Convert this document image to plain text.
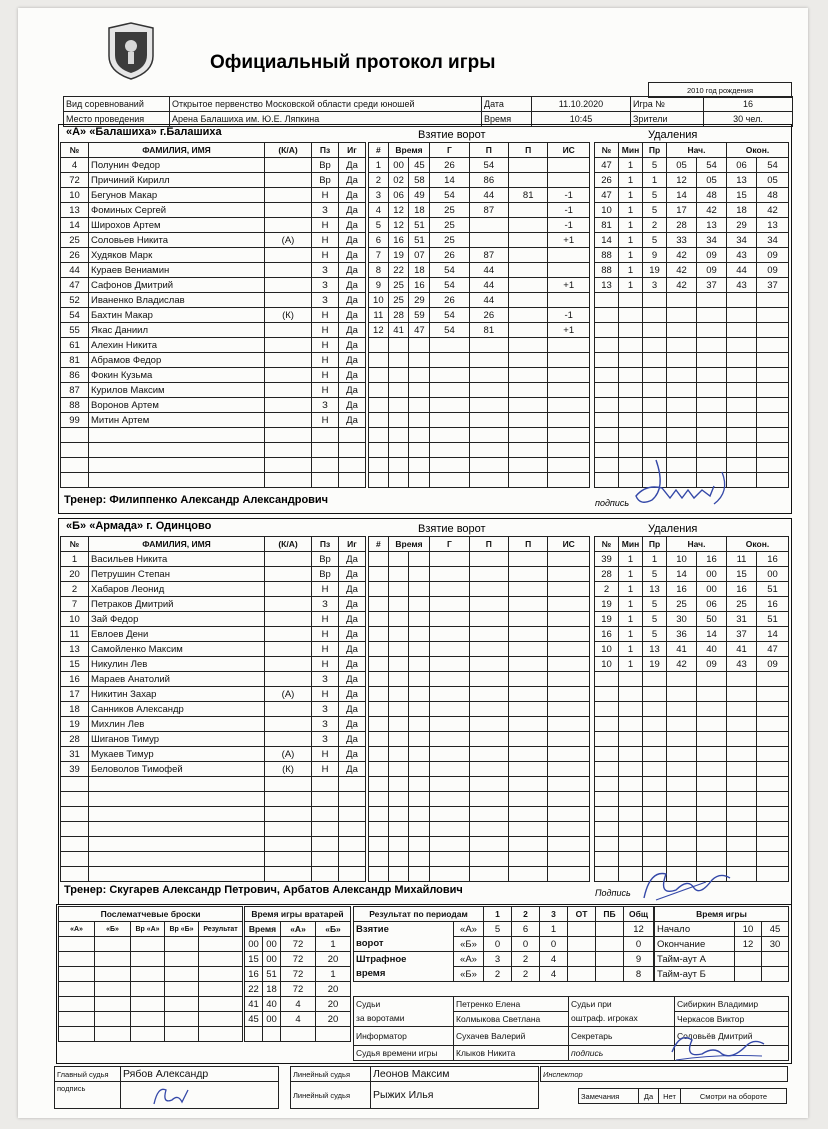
Официальный протокол игры
2010 год рождения
Вид соревнований	Открытое первенство Московской области среди юношей	Дата	11.10.2020	Игра №	16
Место проведения	Арена Балашиха им. Ю.Е. Ляпкина	Время	10:45	Зрители	30 чел.
«А» «Балашиха» г.Балашиха	Взятие ворот	Удаления
№	ФАМИЛИЯ, ИМЯ	(К/А)	Пз	Иг
4	Полунин Федор		Вр	Да
72	Причиний Кирилл		Вр	Да
10	Бегунов Макар		Н	Да
13	Фоминых Сергей		З	Да
14	Широхов Артем		Н	Да
25	Соловьев Никита	(А)	Н	Да
26	Худяков Марк		Н	Да
44	Кураев Вениамин		З	Да
47	Сафонов Дмитрий		З	Да
52	Иваненко Владислав		З	Да
54	Бахтин Макар	(К)	Н	Да
55	Якас Даниил		Н	Да
61	Алехин Никита		Н	Да
81	Абрамов Федор		Н	Да
86	Фокин Кузьма		Н	Да
87	Курилов Максим		Н	Да
88	Воронов Артем		З	Да
99	Митин Артем		Н	Да

#	Время		Г	П	П	ИС
1	00	45	26	54		
2	02	58	14	86		
3	06	49	54	44	81	-1
4	12	18	25	87		-1
5	12	51	25			-1
6	16	51	25			+1
7	19	07	26	87		
8	22	18	54	44		
9	25	16	54	44		+1
10	25	29	26	44		
11	28	59	54	26		-1
12	41	47	54	81		+1

№	Мин	Пр	Нач.		Окон.	
47	1	5	05	54	06	54
26	1	1	12	05	13	05
47	1	5	14	48	15	48
10	1	5	17	42	18	42
81	1	2	28	13	29	13
14	1	5	33	34	34	34
88	1	9	42	09	43	09
88	1	19	42	09	44	09
13	1	3	42	37	43	37

Тренер: Филиппенко Александр Александрович	подпись
«Б» «Армада» г. Одинцово	Взятие ворот	Удаления
№	ФАМИЛИЯ, ИМЯ	(К/А)	Пз	Иг
1	Васильев Никита		Вр	Да
20	Петрушин Степан		Вр	Да
2	Хабаров Леонид		Н	Да
7	Петраков Дмитрий		З	Да
10	Зай Федор		Н	Да
11	Евлоев Дени		Н	Да
13	Самойленко Максим		Н	Да
15	Никулин Лев		Н	Да
16	Мараев Анатолий		З	Да
17	Никитин Захар	(А)	Н	Да
18	Санников Александр		З	Да
19	Михлин Лев		З	Да
28	Шиганов Тимур		З	Да
31	Мукаев Тимур	(А)	Н	Да
39	Беловолов Тимофей	(К)	Н	Да

#	Время		Г	П	П	ИС

							№	Мин	Пр	Нач.		Окон.	
39	1	1	10	16	11	16
28	1	5	14	00	15	00
2	1	13	16	00	16	51
19	1	5	25	06	25	16
19	1	5	30	50	31	51
16	1	5	36	14	37	14
10	1	13	41	40	41	47
10	1	19	42	09	43	09

Тренер: Скугарев Александр Петрович, Арбатов Александр Михайлович	Подпись
Послематчевые броски				
«А»	«Б»	Вр «А»	Вр «Б»	Результат

Время игры вратарей			
Время		«А»	«Б»
00	00	72	1
15	00	72	20
16	51	72	1
22	18	72	20
41	40	4	20
45	00	4	20

Результат по периодам		1	2	3	ОТ	ПБ	Общ
Взятие	«А»	5	6	1			12
ворот	«Б»	0	0	0			0
Штрафное	«А»	3	2	4			9
время	«Б»	2	2	4			8
Время игры		
Начало	10	45
Окончание	12	30
Тайм-аут А		
Тайм-аут Б		
Судьи	Петренко Елена	Судьи при	Сибиркин Владимир
за воротами	Колмыкова Светлана	оштраф. игроках	Черкасов Виктор
Информатор	Сухачев Валерий	Секретарь	Соловьёв Дмитрий
Судья времени игры	Клыков Никита	подпись	
Главный судья	Рябов Александр
подпись	
Линейный судья	Леонов Максим
Линейный судья	Рыжих Илья
Инспектор
Замечания	Да	Нет	Смотри на обороте
